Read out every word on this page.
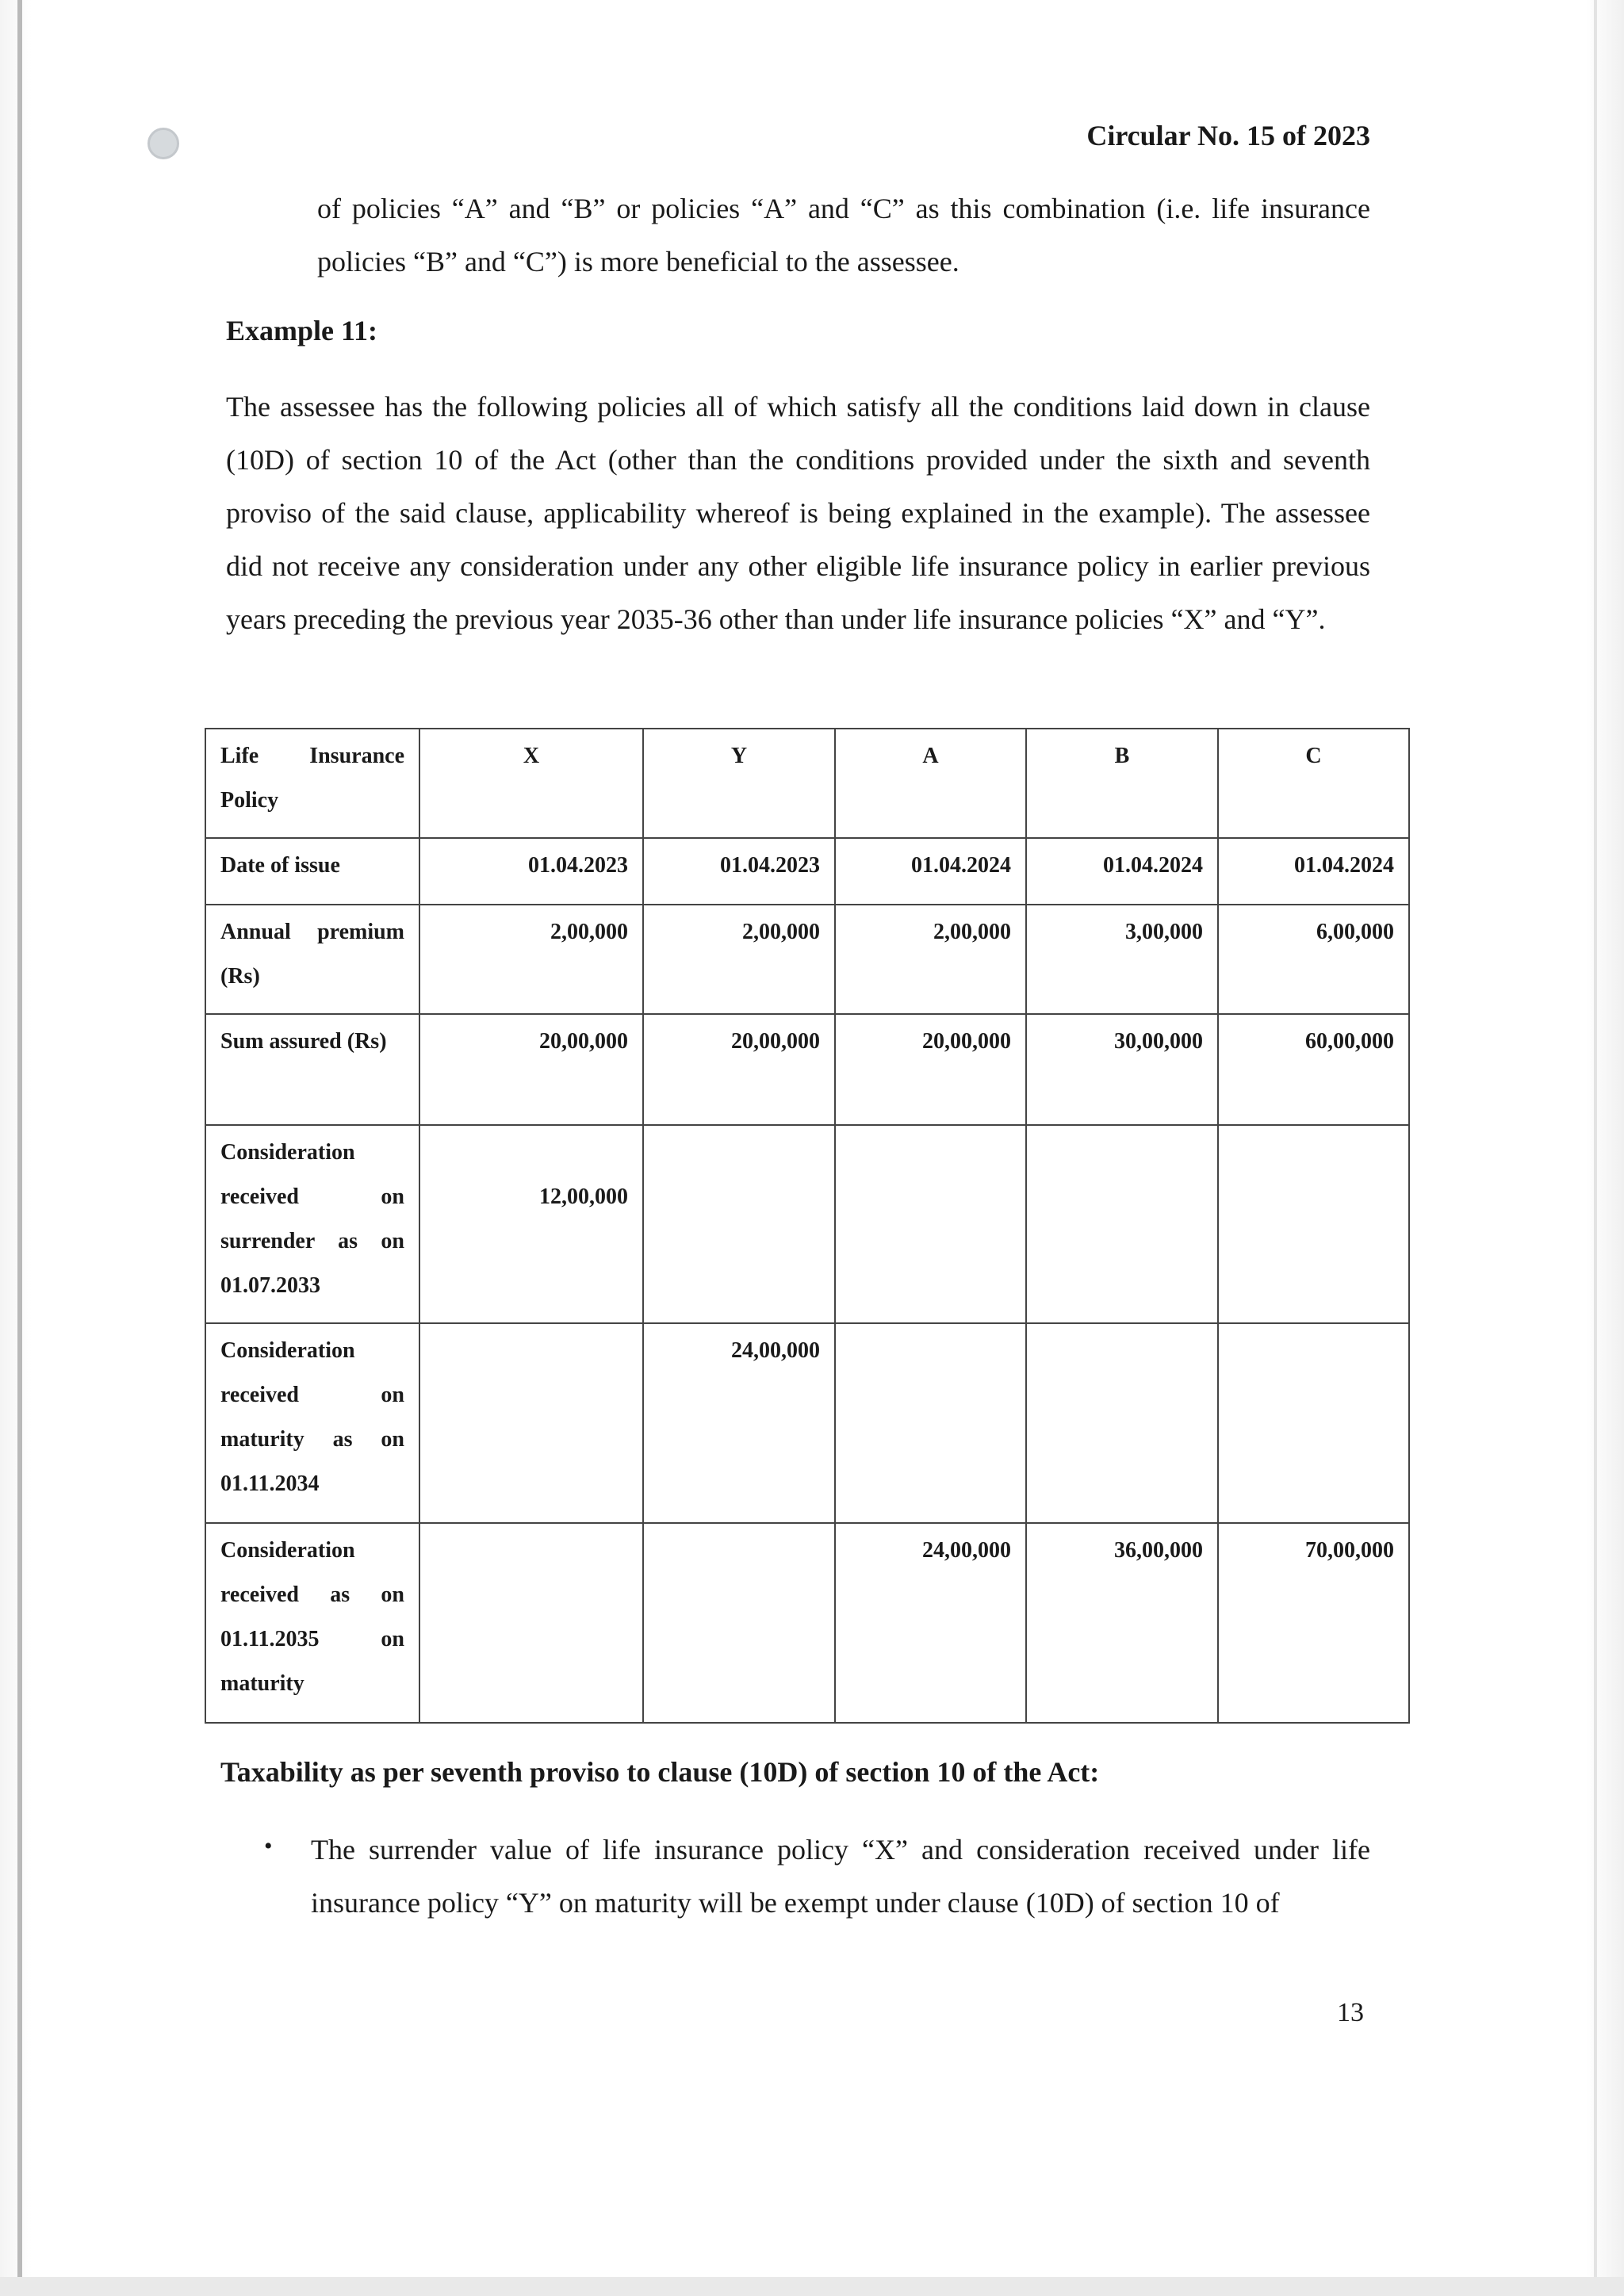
Circular No. 15 of 2023

of policies “A” and “B” or policies “A” and “C” as this combination (i.e. life insurance policies “B” and “C”) is more beneficial to the assessee.

Example 11:

The assessee has the following policies all of which satisfy all the conditions laid down in clause (10D) of section 10 of the Act (other than the conditions provided under the sixth and seventh proviso of the said clause, applicability whereof is being explained in the example). The assessee did not receive any consideration under any other eligible life insurance policy in earlier previous years preceding the previous year 2035-36 other than under life insurance policies “X” and “Y”.

Life Insurance Policy	X	Y	A	B	C
Date of issue	01.04.2023	01.04.2023	01.04.2024	01.04.2024	01.04.2024
Annual premium (Rs)	2,00,000	2,00,000	2,00,000	3,00,000	6,00,000
Sum assured (Rs)	20,00,000	20,00,000	20,00,000	30,00,000	60,00,000
Consideration received on surrender as on 01.07.2033	12,00,000				
Consideration received on maturity as on 01.11.2034		24,00,000			
Consideration received as on 01.11.2035 on maturity			24,00,000	36,00,000	70,00,000
Taxability as per seventh proviso to clause (10D) of section 10 of the Act:
• The surrender value of life insurance policy “X” and consideration received under life insurance policy “Y” on maturity will be exempt under clause (10D) of section 10 of

13
